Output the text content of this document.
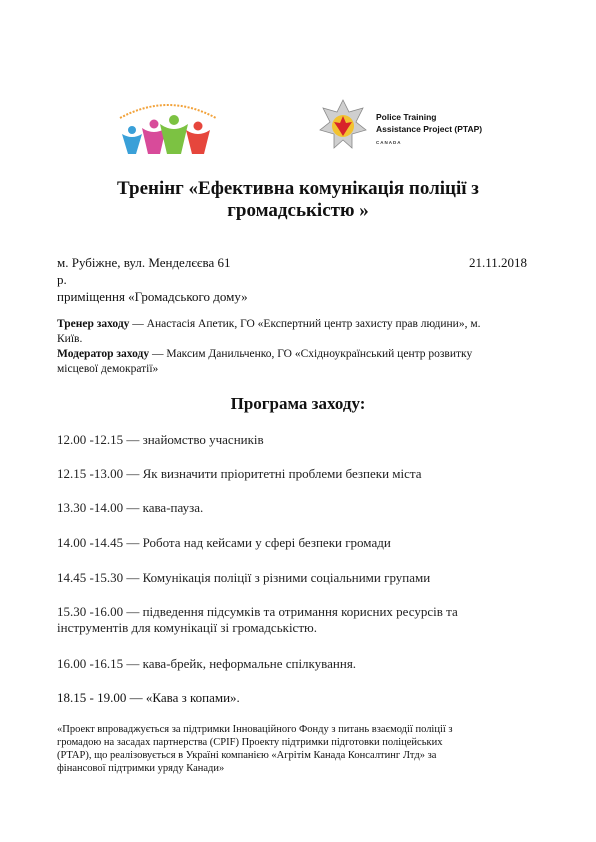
Police Training
Assistance Project (PTAP)
CANADA
Тренінг «Ефективна комунікація поліції з
громадськістю »
м. Рубіжне, вул. Менделєєва 61	21.11.2018
р.
приміщення «Громадського дому»

Тренер заходу — Анастасія Апетик, ГО «Експертний центр захисту прав людини», м.

Київ.

Модератор заходу — Максим Данильченко, ГО «Східноукраїнський центр розвитку

місцевої демократії»

Програма заходу:
12.00 -12.15 — знайомство учасників
12.15 -13.00 — Як визначити пріоритетні проблеми безпеки міста
13.30 -14.00 — кава-пауза.
14.00 -14.45 — Робота над кейсами у сфері безпеки громади
14.45 -15.30 — Комунікація поліції з різними соціальними групами
15.30 -16.00 — підведення підсумків та отримання корисних ресурсів та
інструментів для комунікації зі громадськістю.
16.00 -16.15 — кава-брейк, неформальне спілкування.
18.15 - 19.00 — «Кава з копами».
«Проект впроваджується за підтримки Інноваційного Фонду з питань взаємодії поліції з
громадою на засадах партнерства (CPIF) Проекту підтримки підготовки поліцейських
(PTAP), що реалізовується в Україні компанією «Агрітім Канада Консалтинг Лтд» за
фінансової підтримки уряду Канади»
